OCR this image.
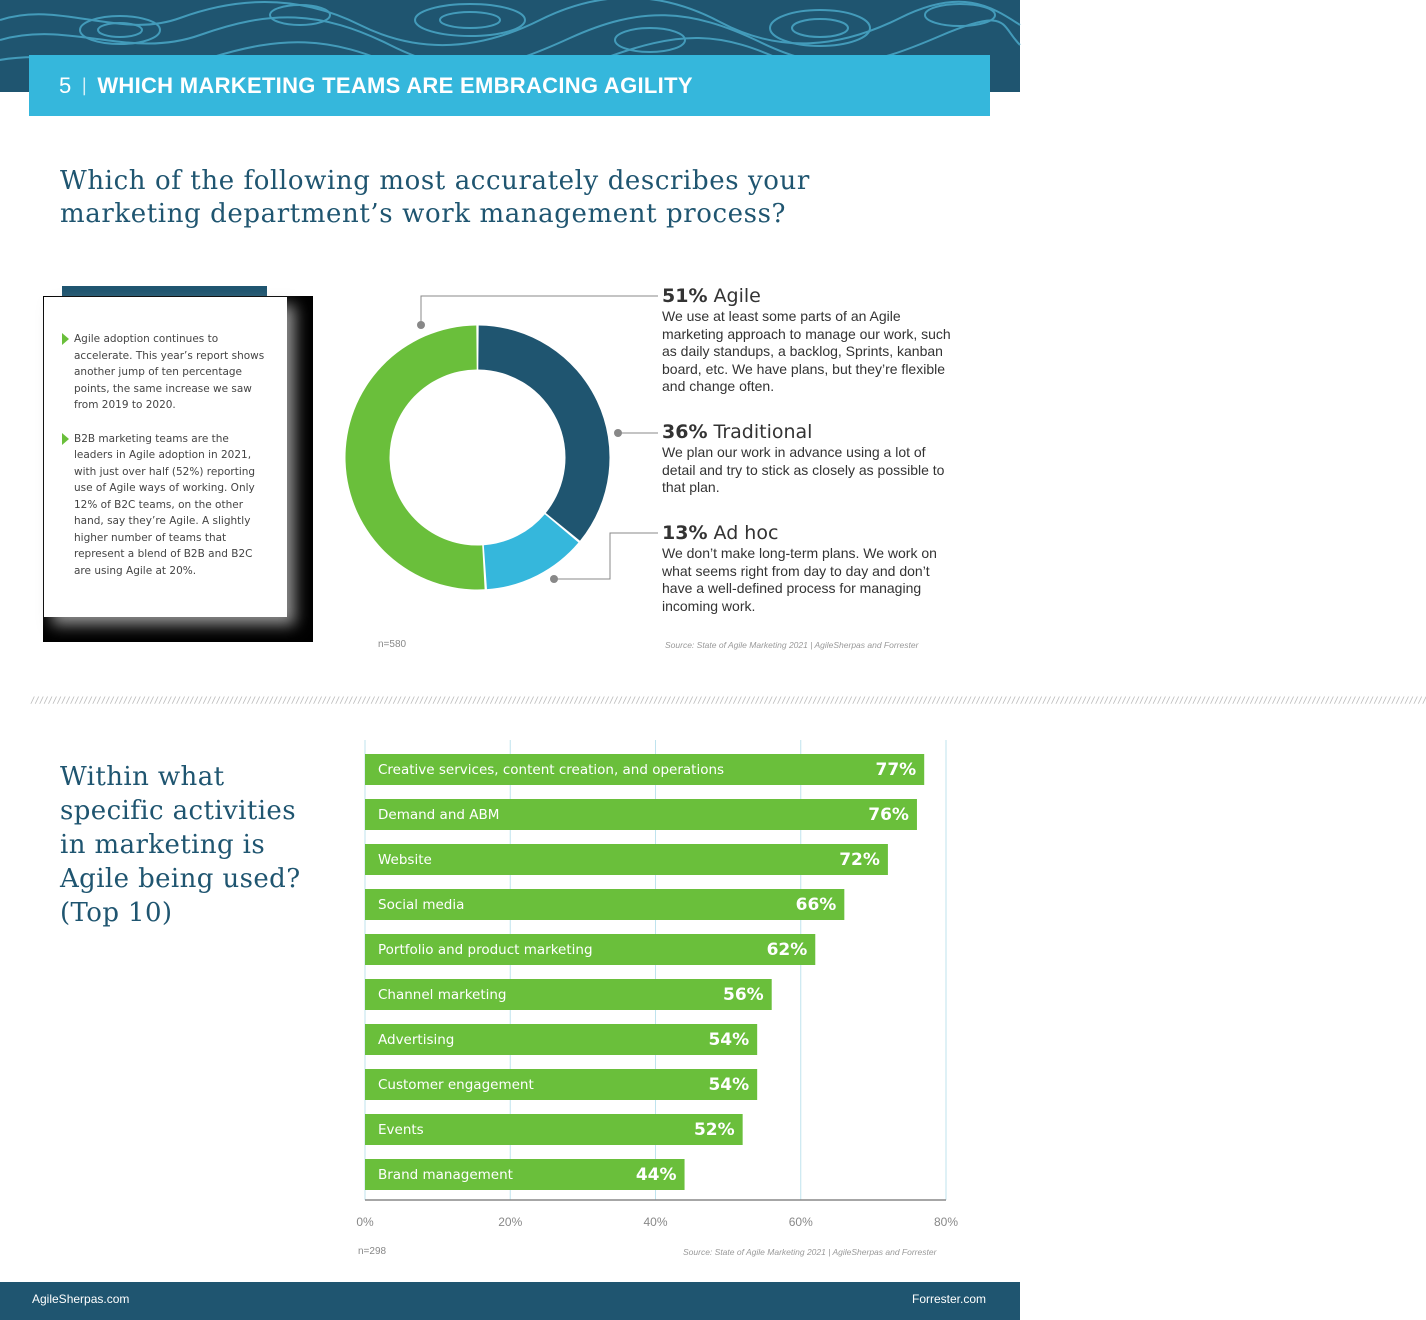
5 | WHICH MARKETING TEAMS ARE EMBRACING AGILITY
Which of the following most accurately describes your
marketing department’s work management process?
Agile adoption continues to accelerate. This year’s report shows another jump of ten percentage points, the same increase we saw from 2019 to 2020.
B2B marketing teams are the leaders in Agile adoption in 2021, with just over half (52%) reporting use of Agile ways of working. Only 12% of B2C teams, on the other hand, say they’re Agile. A slightly higher number of teams that represent a blend of B2B and B2C are using Agile at 20%.
51% Agile
We use at least some parts of an Agile marketing approach to manage our work, such as daily standups, a backlog, Sprints, kanban board, etc. We have plans, but they’re flexible and change often.
36% Traditional
We plan our work in advance using a lot of detail and try to stick as closely as possible to that plan.
13% Ad hoc
We don’t make long-term plans. We work on what seems right from day to day and don’t have a well-defined process for managing incoming work.
n=580	Source: State of Agile Marketing 2021 | AgileSherpas and Forrester
////////////////////////////////////////////////////////////////////////////////////////////////////////////////////////////////////////////////////////////////////////////////////////////////////////////////////////////////////////////////////////////////////////////////////////////////////////////////////////////
Within what
specific activities
in marketing is
Agile being used?
(Top 10)
0%	20%	40%	60%	80%
Creative services, content creation, and operations	77%
Demand and ABM	76%
Website	72%
Social media	66%
Portfolio and product marketing	62%
Channel marketing	56%
Advertising	54%
Customer engagement	54%
Events	52%
Brand management	44%
n=298	Source: State of Agile Marketing 2021 | AgileSherpas and Forrester
AgileSherpas.com	Forrester.com
